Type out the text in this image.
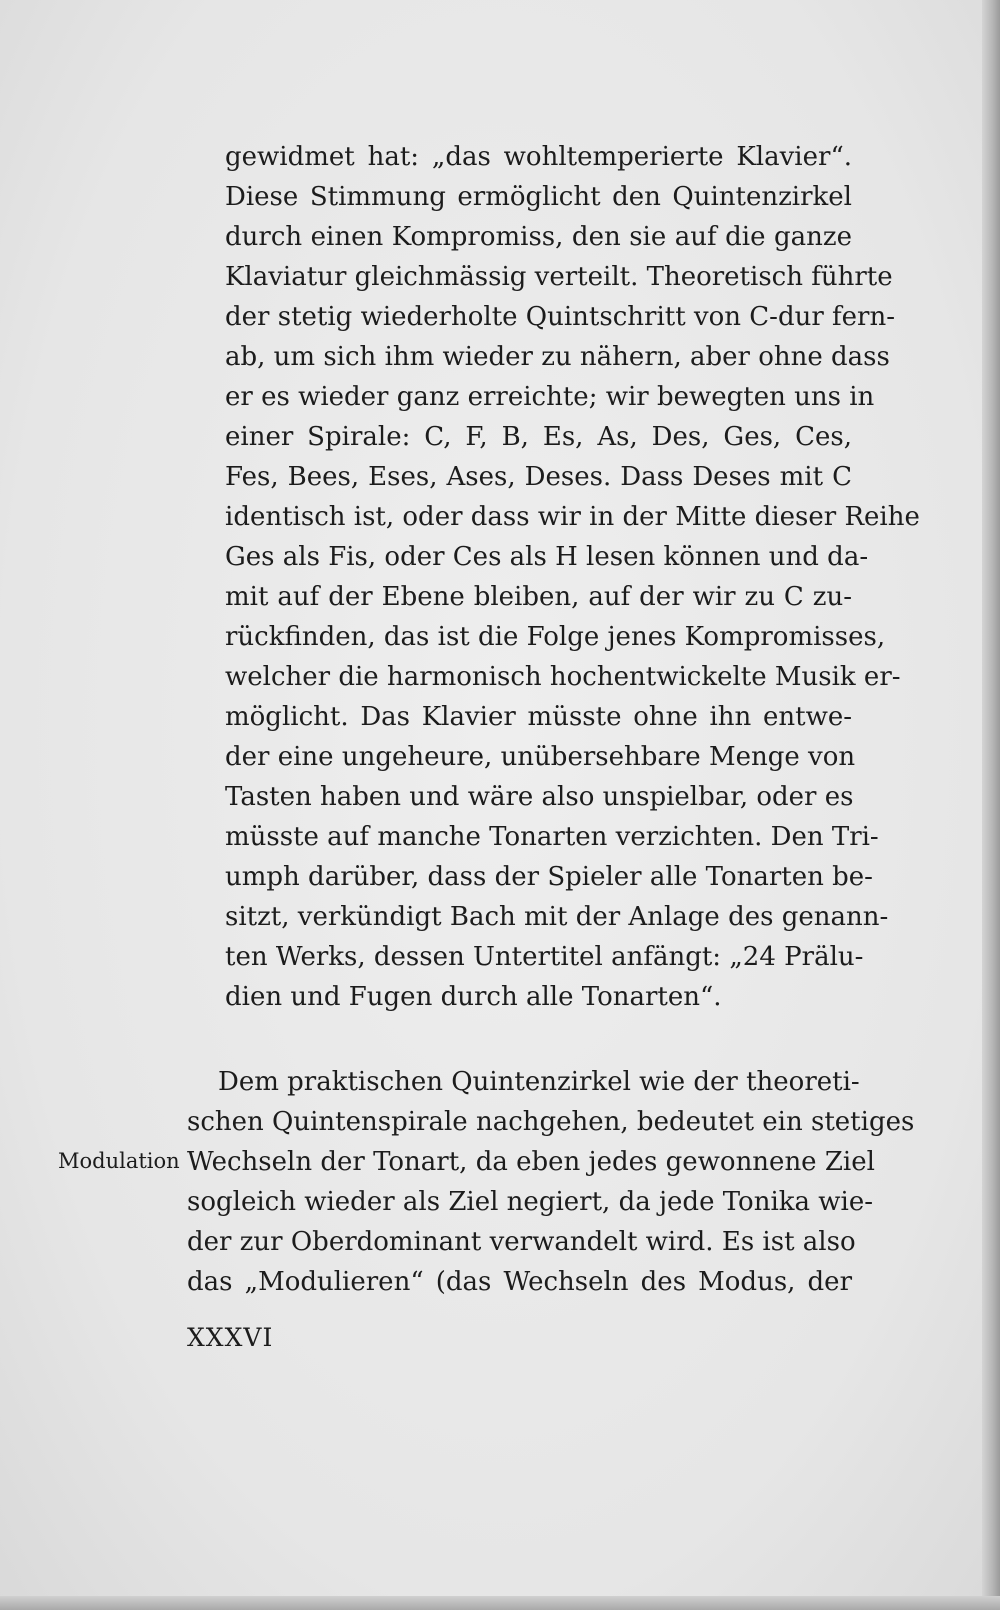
gewidmet hat: „das wohltemperierte Klavier“.

Diese Stimmung ermöglicht den Quintenzirkel

durch einen Kompromiss, den sie auf die ganze

Klaviatur gleichmässig verteilt. Theoretisch führte

der stetig wiederholte Quintschritt von C-dur fern-

ab, um sich ihm wieder zu nähern, aber ohne dass

er es wieder ganz erreichte; wir bewegten uns in

einer Spirale: C, F, B, Es, As, Des, Ges, Ces,

Fes, Bees, Eses, Ases, Deses. Dass Deses mit C

identisch ist, oder dass wir in der Mitte dieser Reihe

Ges als Fis, oder Ces als H lesen können und da-

mit auf der Ebene bleiben, auf der wir zu C zu-

rückfinden, das ist die Folge jenes Kompromisses,

welcher die harmonisch hochentwickelte Musik er-

möglicht. Das Klavier müsste ohne ihn entwe-

der eine ungeheure, unübersehbare Menge von

Tasten haben und wäre also unspielbar, oder es

müsste auf manche Tonarten verzichten. Den Tri-

umph darüber, dass der Spieler alle Tonarten be-

sitzt, verkündigt Bach mit der Anlage des genann-

ten Werks, dessen Untertitel anfängt: „24 Prälu-

dien und Fugen durch alle Tonarten“.

Dem praktischen Quintenzirkel wie der theoreti-

schen Quintenspirale nachgehen, bedeutet ein stetiges

Wechseln der Tonart, da eben jedes gewonnene Ziel

sogleich wieder als Ziel negiert, da jede Tonika wie-

der zur Oberdominant verwandelt wird. Es ist also

das „Modulieren“ (das Wechseln des Modus, der

Modulation
XXXVI
